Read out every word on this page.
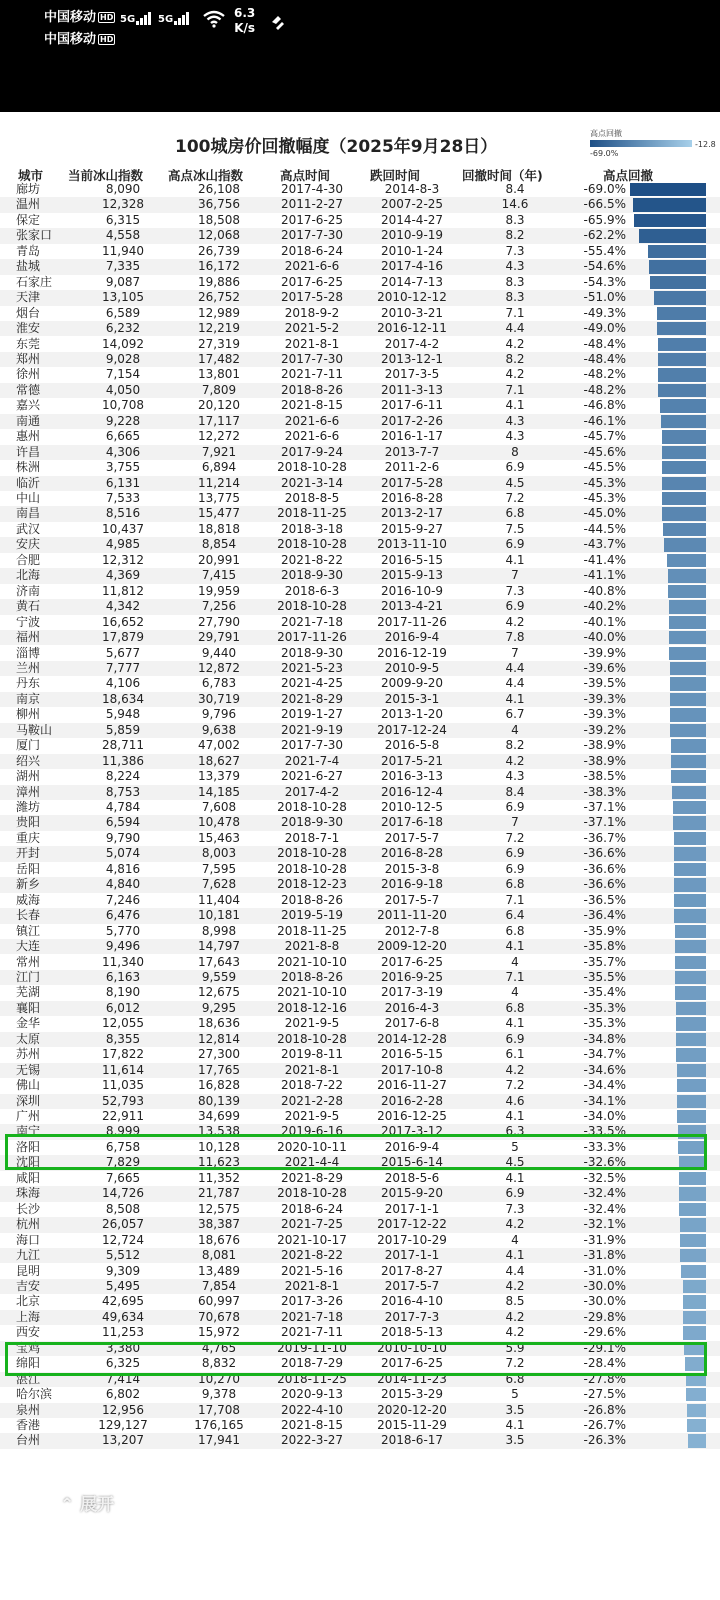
中国移动 HD
中国移动 HD
5G	5G	6.3
K/s
100城房价回撤幅度（2025年9月28日）
高点回撤
-69.0%
-12.8
城市 当前冰山指数 高点冰山指数	高点时间	跌回时间	回撤时间（年)	高点回撤
廊坊	8,090	26,108	2017-4-30	2014-8-3	8.4	-69.0%
温州	12,328	36,756	2011-2-27	2007-2-25	14.6	-66.5%
保定	6,315	18,508	2017-6-25	2014-4-27	8.3	-65.9%
张家口	4,558	12,068	2017-7-30	2010-9-19	8.2	-62.2%
青岛	11,940	26,739	2018-6-24	2010-1-24	7.3	-55.4%
盐城	7,335	16,172	2021-6-6	2017-4-16	4.3	-54.6%
石家庄	9,087	19,886	2017-6-25	2014-7-13	8.3	-54.3%
天津	13,105	26,752	2017-5-28	2010-12-12	8.3	-51.0%
烟台	6,589	12,989	2018-9-2	2010-3-21	7.1	-49.3%
淮安	6,232	12,219	2021-5-2	2016-12-11	4.4	-49.0%
东莞	14,092	27,319	2021-8-1	2017-4-2	4.2	-48.4%
郑州	9,028	17,482	2017-7-30	2013-12-1	8.2	-48.4%
徐州	7,154	13,801	2021-7-11	2017-3-5	4.2	-48.2%
常德	4,050	7,809	2018-8-26	2011-3-13	7.1	-48.2%
嘉兴	10,708	20,120	2021-8-15	2017-6-11	4.1	-46.8%
南通	9,228	17,117	2021-6-6	2017-2-26	4.3	-46.1%
惠州	6,665	12,272	2021-6-6	2016-1-17	4.3	-45.7%
许昌	4,306	7,921	2017-9-24	2013-7-7	8	-45.6%
株洲	3,755	6,894	2018-10-28	2011-2-6	6.9	-45.5%
临沂	6,131	11,214	2021-3-14	2017-5-28	4.5	-45.3%
中山	7,533	13,775	2018-8-5	2016-8-28	7.2	-45.3%
南昌	8,516	15,477	2018-11-25	2013-2-17	6.8	-45.0%
武汉	10,437	18,818	2018-3-18	2015-9-27	7.5	-44.5%
安庆	4,985	8,854	2018-10-28	2013-11-10	6.9	-43.7%
合肥	12,312	20,991	2021-8-22	2016-5-15	4.1	-41.4%
北海	4,369	7,415	2018-9-30	2015-9-13	7	-41.1%
济南	11,812	19,959	2018-6-3	2016-10-9	7.3	-40.8%
黄石	4,342	7,256	2018-10-28	2013-4-21	6.9	-40.2%
宁波	16,652	27,790	2021-7-18	2017-11-26	4.2	-40.1%
福州	17,879	29,791	2017-11-26	2016-9-4	7.8	-40.0%
淄博	5,677	9,440	2018-9-30	2016-12-19	7	-39.9%
兰州	7,777	12,872	2021-5-23	2010-9-5	4.4	-39.6%
丹东	4,106	6,783	2021-4-25	2009-9-20	4.4	-39.5%
南京	18,634	30,719	2021-8-29	2015-3-1	4.1	-39.3%
柳州	5,948	9,796	2019-1-27	2013-1-20	6.7	-39.3%
马鞍山	5,859	9,638	2021-9-19	2017-12-24	4	-39.2%
厦门	28,711	47,002	2017-7-30	2016-5-8	8.2	-38.9%
绍兴	11,386	18,627	2021-7-4	2017-5-21	4.2	-38.9%
湖州	8,224	13,379	2021-6-27	2016-3-13	4.3	-38.5%
漳州	8,753	14,185	2017-4-2	2016-12-4	8.4	-38.3%
潍坊	4,784	7,608	2018-10-28	2010-12-5	6.9	-37.1%
贵阳	6,594	10,478	2018-9-30	2017-6-18	7	-37.1%
重庆	9,790	15,463	2018-7-1	2017-5-7	7.2	-36.7%
开封	5,074	8,003	2018-10-28	2016-8-28	6.9	-36.6%
岳阳	4,816	7,595	2018-10-28	2015-3-8	6.9	-36.6%
新乡	4,840	7,628	2018-12-23	2016-9-18	6.8	-36.6%
威海	7,246	11,404	2018-8-26	2017-5-7	7.1	-36.5%
长春	6,476	10,181	2019-5-19	2011-11-20	6.4	-36.4%
镇江	5,770	8,998	2018-11-25	2012-7-8	6.8	-35.9%
大连	9,496	14,797	2021-8-8	2009-12-20	4.1	-35.8%
常州	11,340	17,643	2021-10-10	2017-6-25	4	-35.7%
江门	6,163	9,559	2018-8-26	2016-9-25	7.1	-35.5%
芜湖	8,190	12,675	2021-10-10	2017-3-19	4	-35.4%
襄阳	6,012	9,295	2018-12-16	2016-4-3	6.8	-35.3%
金华	12,055	18,636	2021-9-5	2017-6-8	4.1	-35.3%
太原	8,355	12,814	2018-10-28	2014-12-28	6.9	-34.8%
苏州	17,822	27,300	2019-8-11	2016-5-15	6.1	-34.7%
无锡	11,614	17,765	2021-8-1	2017-10-8	4.2	-34.6%
佛山	11,035	16,828	2018-7-22	2016-11-27	7.2	-34.4%
深圳	52,793	80,139	2021-2-28	2016-2-28	4.6	-34.1%
广州	22,911	34,699	2021-9-5	2016-12-25	4.1	-34.0%
南宁	8,999	13,538	2019-6-16	2017-3-12	6.3	-33.5%
洛阳	6,758	10,128	2020-10-11	2016-9-4	5	-33.3%
沈阳	7,829	11,623	2021-4-4	2015-6-14	4.5	-32.6%
咸阳	7,665	11,352	2021-8-29	2018-5-6	4.1	-32.5%
珠海	14,726	21,787	2018-10-28	2015-9-20	6.9	-32.4%
长沙	8,508	12,575	2018-6-24	2017-1-1	7.3	-32.4%
杭州	26,057	38,387	2021-7-25	2017-12-22	4.2	-32.1%
海口	12,724	18,676	2021-10-17	2017-10-29	4	-31.9%
九江	5,512	8,081	2021-8-22	2017-1-1	4.1	-31.8%
昆明	9,309	13,489	2021-5-16	2017-8-27	4.4	-31.0%
吉安	5,495	7,854	2021-8-1	2017-5-7	4.2	-30.0%
北京	42,695	60,997	2017-3-26	2016-4-10	8.5	-30.0%
上海	49,634	70,678	2021-7-18	2017-7-3	4.2	-29.8%
西安	11,253	15,972	2021-7-11	2018-5-13	4.2	-29.6%
宝鸡	3,380	4,765	2019-11-10	2010-10-10	5.9	-29.1%
绵阳	6,325	8,832	2018-7-29	2017-6-25	7.2	-28.4%
湛江	7,414	10,270	2018-11-25	2014-11-23	6.8	-27.8%
哈尔滨	6,802	9,378	2020-9-13	2015-3-29	5	-27.5%
泉州	12,956	17,708	2022-4-10	2020-12-20	3.5	-26.8%
香港	129,127	176,165	2021-8-15	2015-11-29	4.1	-26.7%
台州	13,207	17,941	2022-3-27	2018-6-17	3.5	-26.3%
⌃ 展开
